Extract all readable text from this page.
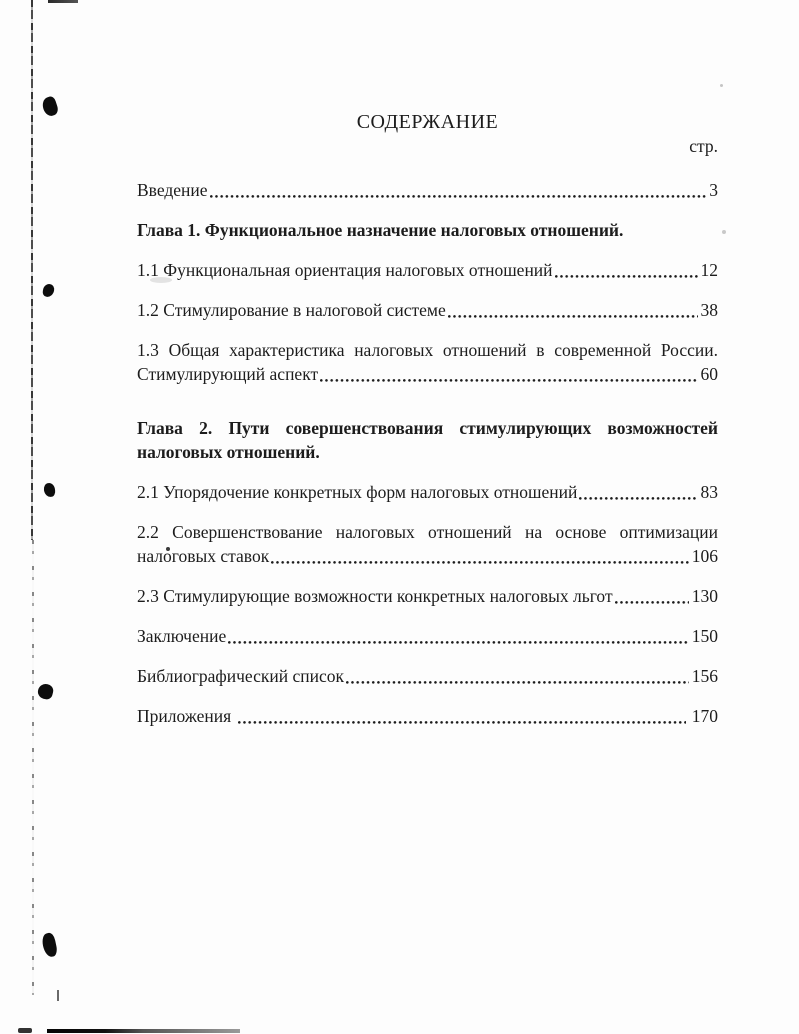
СОДЕРЖАНИЕ
стр.
Введение	3
Глава 1. Функциональное назначение налоговых отношений.
1.1 Функциональная ориентация налоговых отношений	12
1.2 Стимулирование в налоговой системе	38
1.3 Общая характеристика налоговых отношений в современной России.
Стимулирующий аспект	60
Глава 2. Пути совершенствования стимулирующих возможностей
налоговых отношений.
2.1 Упорядочение конкретных форм налоговых отношений	83
2.2 Совершенствование налоговых отношений на основе оптимизации
налоговых ставок	106
2.3 Стимулирующие возможности конкретных налоговых льгот	130
Заключение	150
Библиографический список	156
Приложения	170
